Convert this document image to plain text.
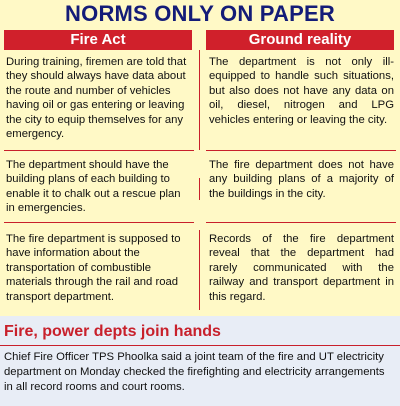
NORMS ONLY ON PAPER
Fire Act	Ground reality
During training, firemen are told that they should always have data about the route and number of vehicles having oil or gas entering or leaving the city to equip themselves for any emergency.
The department is not only ill-equipped to handle such situations, but also does not have any data on oil, diesel, nitrogen and LPG vehicles entering or leaving the city.
The department should have the building plans of each building to enable it to chalk out a rescue plan in emergencies.
The fire department does not have any building plans of a majority of the buildings in the city.
The fire department is supposed to have information about the transportation of combustible materials through the rail and road transport department.
Records of the fire department reveal that the department had rarely communicated with the railway and transport department in this regard.
Fire, power depts join hands
Chief Fire Officer TPS Phoolka said a joint team of the fire and UT electricity department on Monday checked the firefighting and electricity arrangements in all record rooms and court rooms.
